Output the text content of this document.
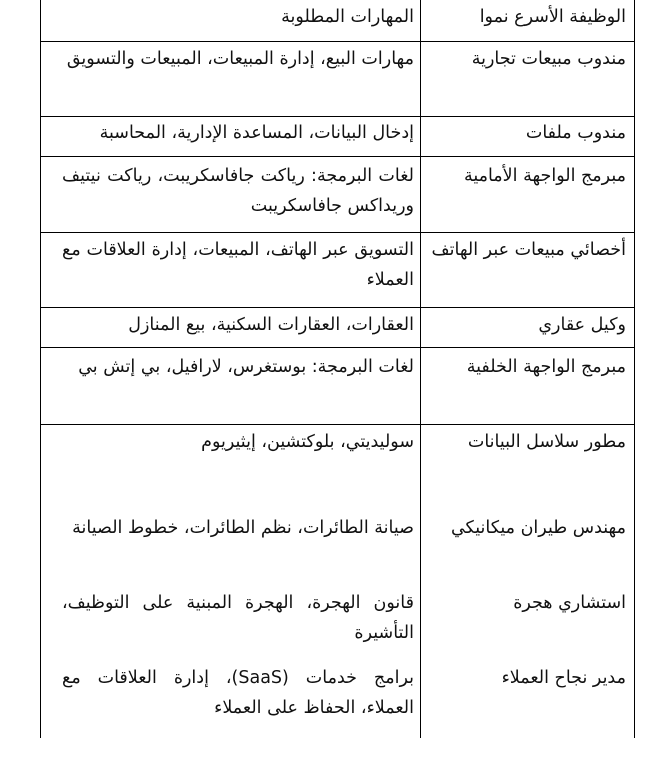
الوظيفة الأسرع نموا
المهارات المطلوبة
مندوب مبيعات تجارية
مهارات البيع، إدارة المبيعات، المبيعات والتسويق
مندوب ملفات
إدخال البيانات، المساعدة الإدارية، المحاسبة
مبرمج الواجهة الأمامية
لغات البرمجة: رياكت جافاسكريبت، رياكت نيتيف وريداكس جافاسكريبت
أخصائي مبيعات عبر الهاتف
التسويق عبر الهاتف، المبيعات، إدارة العلاقات مع العملاء
وكيل عقاري
العقارات، العقارات السكنية، بيع المنازل
مبرمج الواجهة الخلفية
لغات البرمجة: بوستغرس، لارافيل، بي إتش بي
مطور سلاسل البيانات
سوليديتي، بلوكتشين، إيثيريوم
مهندس طيران ميكانيكي
صيانة الطائرات، نظم الطائرات، خطوط الصيانة
استشاري هجرة
قانون الهجرة، الهجرة المبنية على التوظيف، التأشيرة
مدير نجاح العملاء
برامج خدمات (SaaS)، إدارة العلاقات مع العملاء، الحفاظ على العملاء
